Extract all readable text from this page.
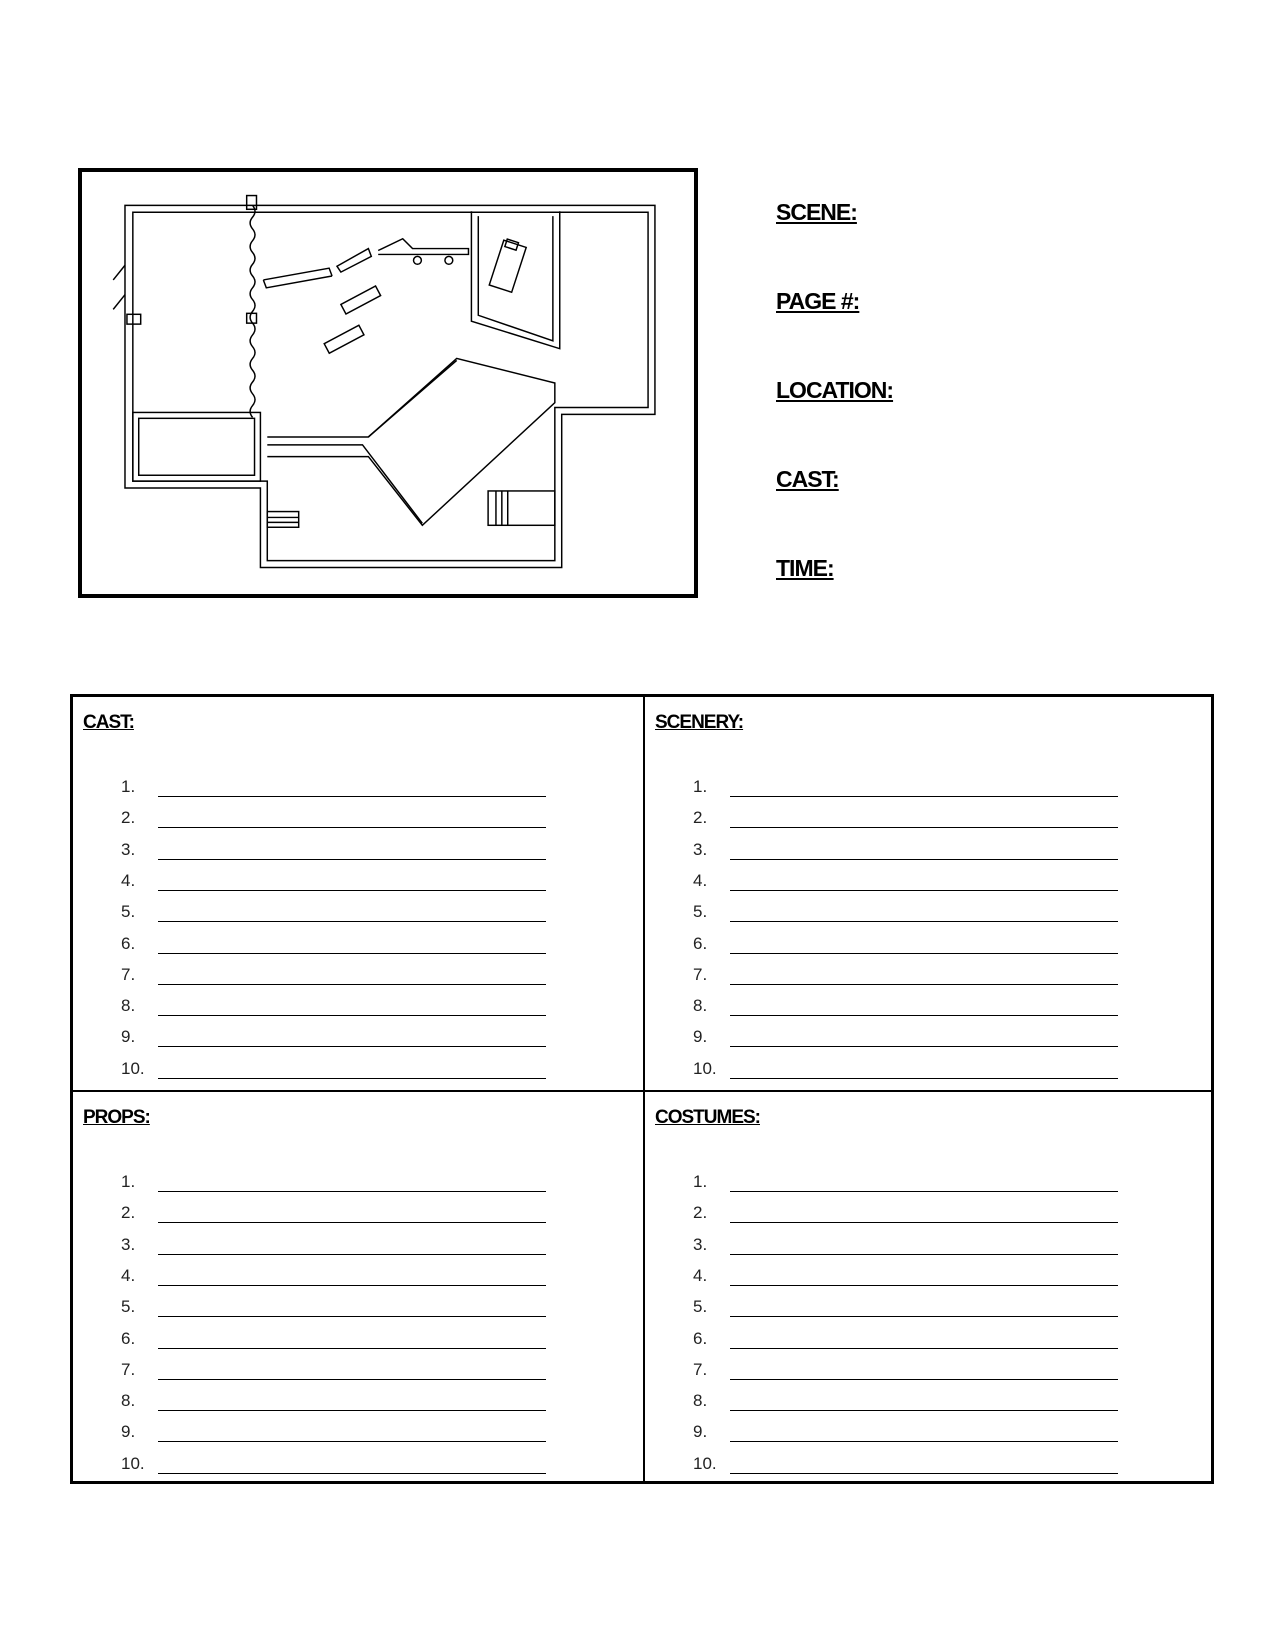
SCENE:
PAGE #:
LOCATION:
CAST:
TIME:
CAST:
1.
2.
3.
4.
5.
6.
7.
8.
9.
10.
SCENERY:
1.
2.
3.
4.
5.
6.
7.
8.
9.
10.
PROPS:
1.
2.
3.
4.
5.
6.
7.
8.
9.
10.
COSTUMES:
1.
2.
3.
4.
5.
6.
7.
8.
9.
10.
